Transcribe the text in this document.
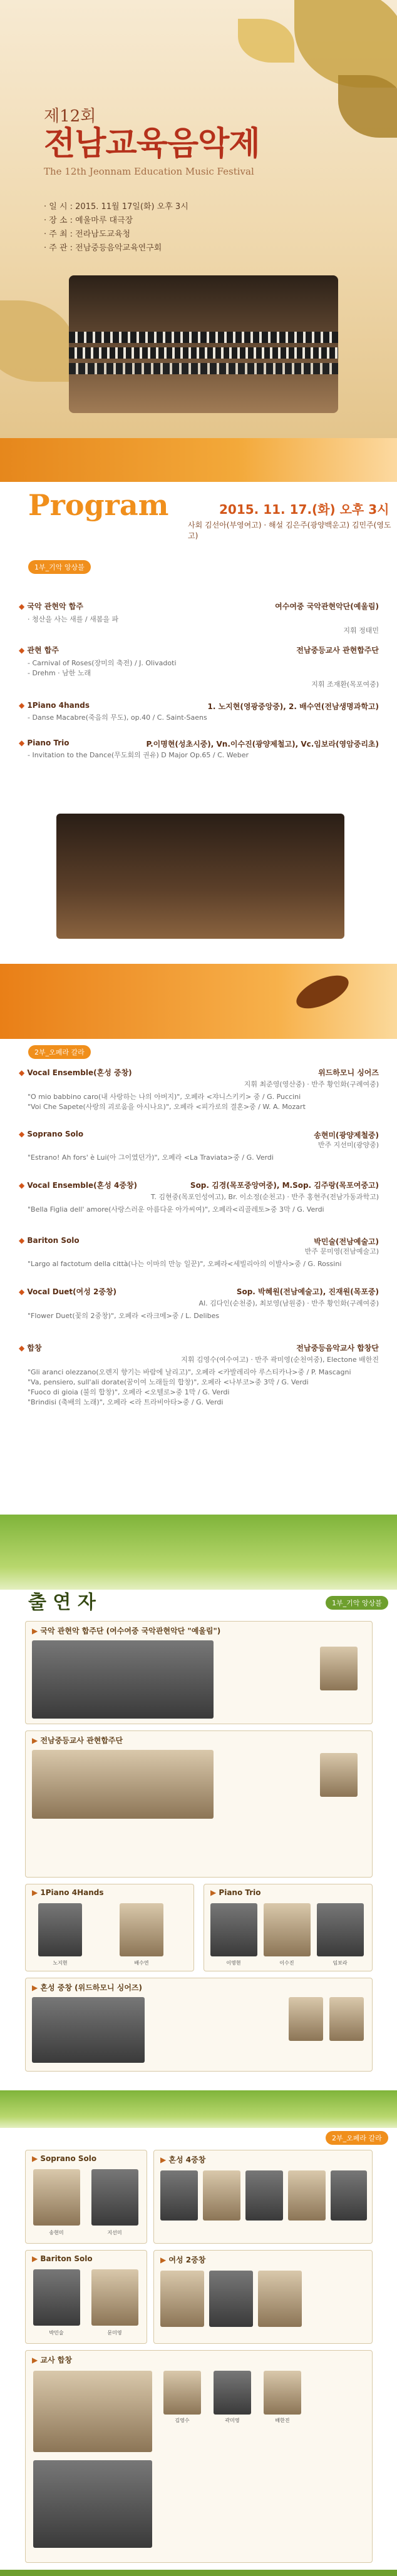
제12회
전남교육음악제
The 12th Jeonnam Education Music Festival
· 일 시 : 2015. 11월 17일(화) 오후 3시
· 장 소 : 예울마루 대극장
· 주 최 : 전라남도교육청
· 주 관 : 전남중등음악교육연구회
Program	2015. 11. 17.(화) 오후 3시
사회 김선아(부영여고) · 해설 김은주(광양백운고) 김민주(영도고)
1부_기악 앙상블
◆ 국악 관현악 합주	여수여중 국악관현악단(예울림)
· 청산을 사는 새를 / 새봄을 파
지휘 정태민
◆ 관현 합주	전남중등교사 관현합주단
- Carnival of Roses(장미의 축전) / J. Olivadoti
- Drehm · 남한 노래
지휘 조재환(목포여중)
◆ 1Piano 4hands	1. 노지현(영광중앙중), 2. 배수연(전남생명과학고)
- Danse Macabre(죽음의 무도), op.40 / C. Saint-Saens
◆ Piano Trio	P.이명현(성초시중), Vn.이수진(광양제철고), Vc.임보라(영암중리초)
- Invitation to the Dance(무도회의 권유) D Major Op.65 / C. Weber
2부_오페라 갈라
◆ Vocal Ensemble(혼성 중창)	위드하모니 싱어즈
지휘 최준영(영산중) · 반주 황인화(구례여중)
"O mio babbino caro(내 사랑하는 나의 아버지)", 오페라 <쟈니스키키> 중 / G. Puccini
"Voi Che Sapete(사랑의 괴로움을 아시나요)", 오페라 <피가로의 결혼>중 / W. A. Mozart
◆ Soprano Solo	송현미(광양제철중)
반주 지선미(광양중)
"Estrano! Ah fors' è Lui(아 그이였던가)", 오페라 <La Traviata>중 / G. Verdi
◆ Vocal Ensemble(혼성 4중창)	Sop. 김경(목포중앙여중), M.Sop. 김주랑(목포여중고)
T. 김현중(목포인성여고), Br. 이소정(순천고) · 반주 홍현주(전남가동과학고)
"Bella Figlia dell' amore(사랑스러운 아름다운 아가씨여)", 오페라<리골레토>중 3막 / G. Verdi
◆ Bariton Solo	박민술(전남예술고)
반주 문미영(전남예술고)
"Largo al factotum della città(나는 이마의 만능 일꾼)", 오페라<세빌리아의 이발사>중 / G. Rossini
◆ Vocal Duet(여성 2중창)	Sop. 박혜원(전남예술고), 진재원(목포중)
Al. 김다인(순천중), 최보영(남원중) · 반주 황인화(구례여중)
"Flower Duet(꽃의 2중창)", 오페라 <라크메>중 / L. Delibes
◆ 합창	전남중등음악교사 합창단
지휘 김영수(여수여고) · 반주 곽미영(순천여중), Electone 배한진
"Gli aranci olezzano(오렌지 향기는 바람에 날리고)", 오페라 <카발레리아 루스티카나>중 / P. Mascagni
"Va, pensiero, sull'ali dorate(꿈이여 노래들의 합창)", 오페라 <나부코>중 3막 / G. Verdi
"Fuoco di gioia (불의 합창)", 오페라 <오텔로>중 1막 / G. Verdi
"Brindisi (축배의 노래)", 오페라 <라 트라비아타>중 / G. Verdi
출 연 자	1부_기악 앙상블
▶ 국악 관현악 합주단 (여수여중 국악관현악단 "예울림")
▶ 전남중등교사 관현합주단
▶ 1Piano 4Hands
노지현	배수연
▶ Piano Trio
이명현	이수진	임보라
▶ 혼성 중창 (위드하모니 싱어즈)
2부_오페라 갈라
▶ Soprano Solo
송현미	지선미
▶ 혼성 4중창
▶ Bariton Solo
박민술	문미영
▶ 여성 2중창
▶ 교사 합창
김영수	곽미영	배한진
